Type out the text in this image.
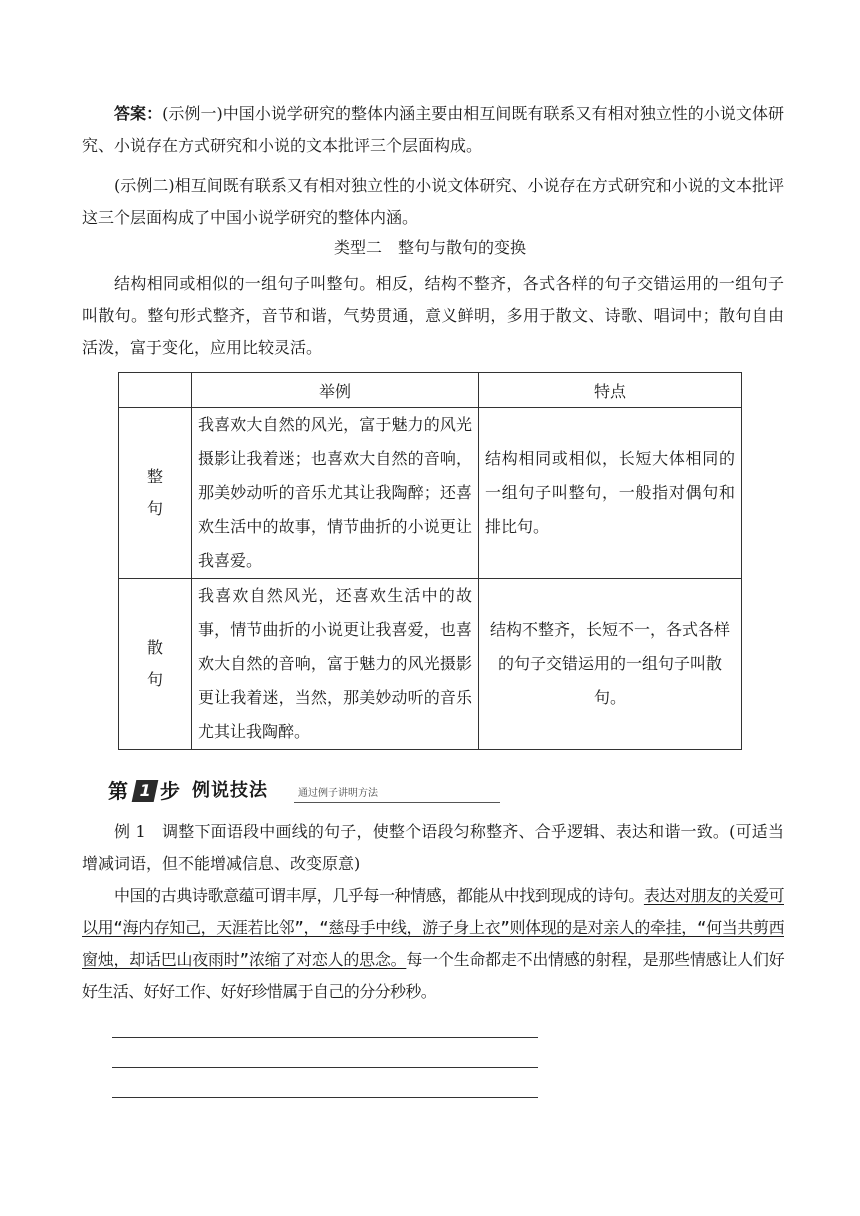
答案：(示例一)中国小说学研究的整体内涵主要由相互间既有联系又有相对独立性的小说文体研究、小说存在方式研究和小说的文本批评三个层面构成。

(示例二)相互间既有联系又有相对独立性的小说文体研究、小说存在方式研究和小说的文本批评这三个层面构成了中国小说学研究的整体内涵。

类型二　整句与散句的变换

结构相同或相似的一组句子叫整句。相反，结构不整齐，各式各样的句子交错运用的一组句子叫散句。整句形式整齐，音节和谐，气势贯通，意义鲜明，多用于散文、诗歌、唱词中；散句自由活泼，富于变化，应用比较灵活。

	举例	特点

整
句	我喜欢大自然的风光，富于魅力的风光摄影让我着迷；也喜欢大自然的音响，那美妙动听的音乐尤其让我陶醉；还喜欢生活中的故事，情节曲折的小说更让我喜爱。	结构相同或相似，长短大体相同的一组句子叫整句，一般指对偶句和排比句。

散
句	我喜欢自然风光，还喜欢生活中的故事，情节曲折的小说更让我喜爱，也喜欢大自然的音响，富于魅力的风光摄影更让我着迷，当然，那美妙动听的音乐尤其让我陶醉。	结构不整齐，长短不一，各式各样的句子交错运用的一组句子叫散句。
第 1 步 例说技法	通过例子讲明方法

例 1　 调整下面语段中画线的句子，使整个语段匀称整齐、合乎逻辑、表达和谐一致。(可适当增减词语，但不能增减信息、改变原意)

中国的古典诗歌意蕴可谓丰厚，几乎每一种情感，都能从中找到现成的诗句。表达对朋友的关爱可以用“海内存知己，天涯若比邻”，“慈母手中线，游子身上衣”则体现的是对亲人的牵挂，“何当共剪西窗烛，却话巴山夜雨时”浓缩了对恋人的思念。每一个生命都走不出情感的射程，是那些情感让人们好好生活、好好工作、好好珍惜属于自己的分分秒秒。
